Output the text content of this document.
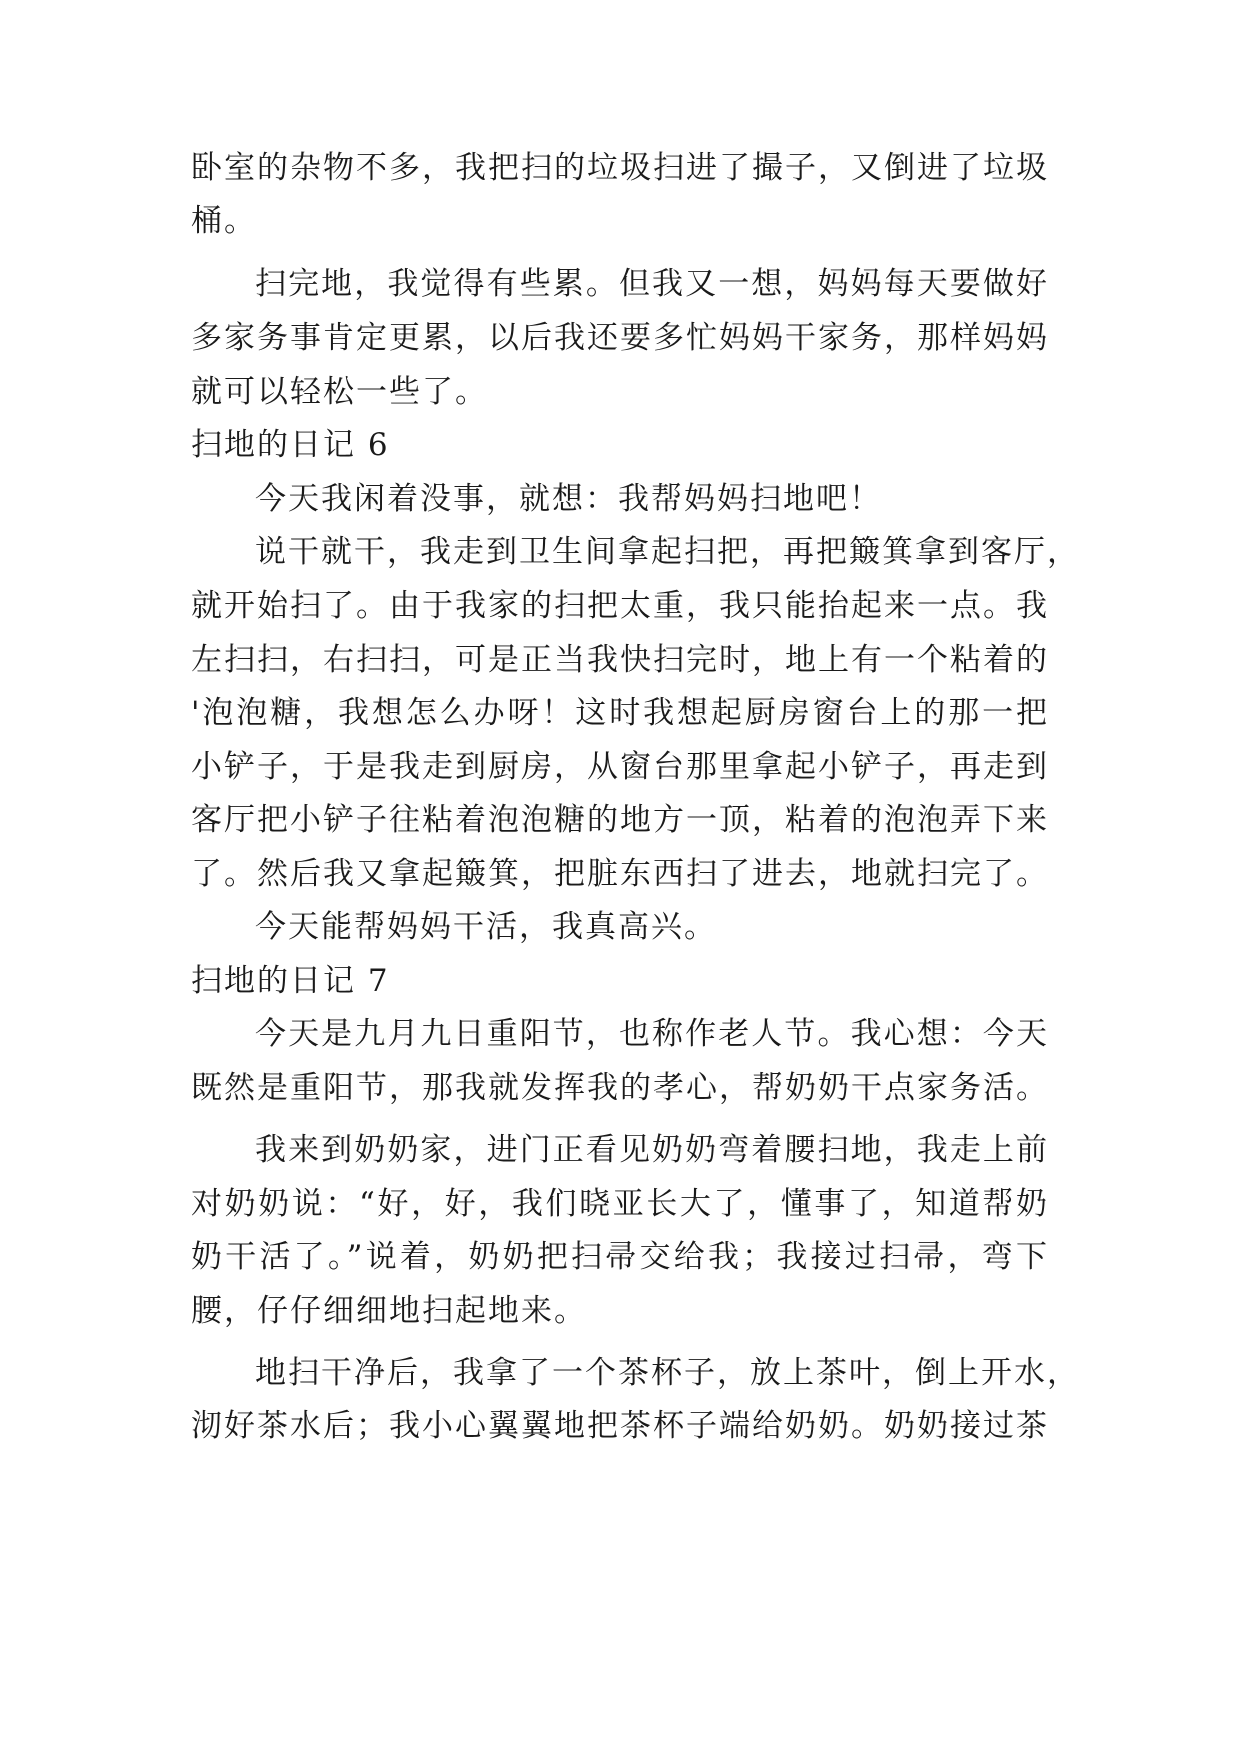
卧室的杂物不多，我把扫的垃圾扫进了撮子，又倒进了垃圾

桶。

扫完地，我觉得有些累。但我又一想，妈妈每天要做好

多家务事肯定更累，以后我还要多忙妈妈干家务，那样妈妈

就可以轻松一些了。

扫地的日记 6

今天我闲着没事，就想：我帮妈妈扫地吧！

说干就干，我走到卫生间拿起扫把，再把簸箕拿到客厅，

就开始扫了。由于我家的扫把太重，我只能抬起来一点。我

左扫扫，右扫扫，可是正当我快扫完时，地上有一个粘着的

'泡泡糖，我想怎么办呀！这时我想起厨房窗台上的那一把

小铲子，于是我走到厨房，从窗台那里拿起小铲子，再走到

客厅把小铲子往粘着泡泡糖的地方一顶，粘着的泡泡弄下来

了。然后我又拿起簸箕，把脏东西扫了进去，地就扫完了。

今天能帮妈妈干活，我真高兴。

扫地的日记 7

今天是九月九日重阳节，也称作老人节。我心想：今天

既然是重阳节，那我就发挥我的孝心，帮奶奶干点家务活。

我来到奶奶家，进门正看见奶奶弯着腰扫地，我走上前

对奶奶说：“好，好，我们晓亚长大了，懂事了，知道帮奶

奶干活了。”说着，奶奶把扫帚交给我；我接过扫帚，弯下

腰，仔仔细细地扫起地来。

地扫干净后，我拿了一个茶杯子，放上茶叶，倒上开水，

沏好茶水后；我小心翼翼地把茶杯子端给奶奶。奶奶接过茶
